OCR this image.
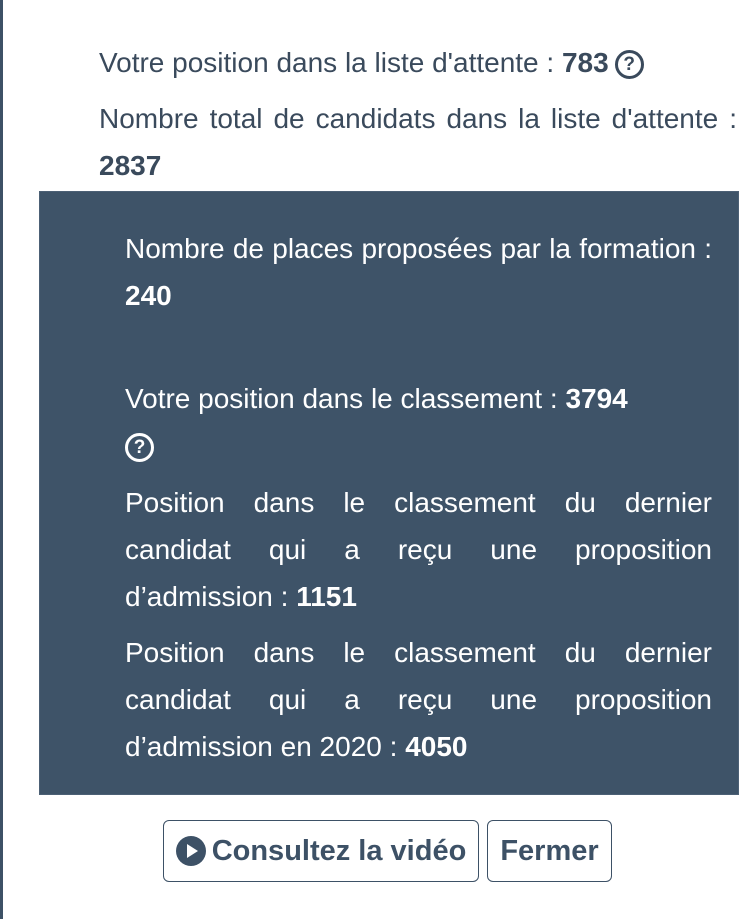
Votre position dans la liste d'attente : 783 ?
Nombre total de candidats dans la liste d'attente : 2837
Nombre de places proposées par la formation : 240
Votre position dans le classement : 3794
?
Position dans le classement du dernier candidat qui a reçu une proposition d’admission : 1151
Position dans le classement du dernier candidat qui a reçu une proposition d’admission en 2020 : 4050
Consultez la vidéo Fermer
